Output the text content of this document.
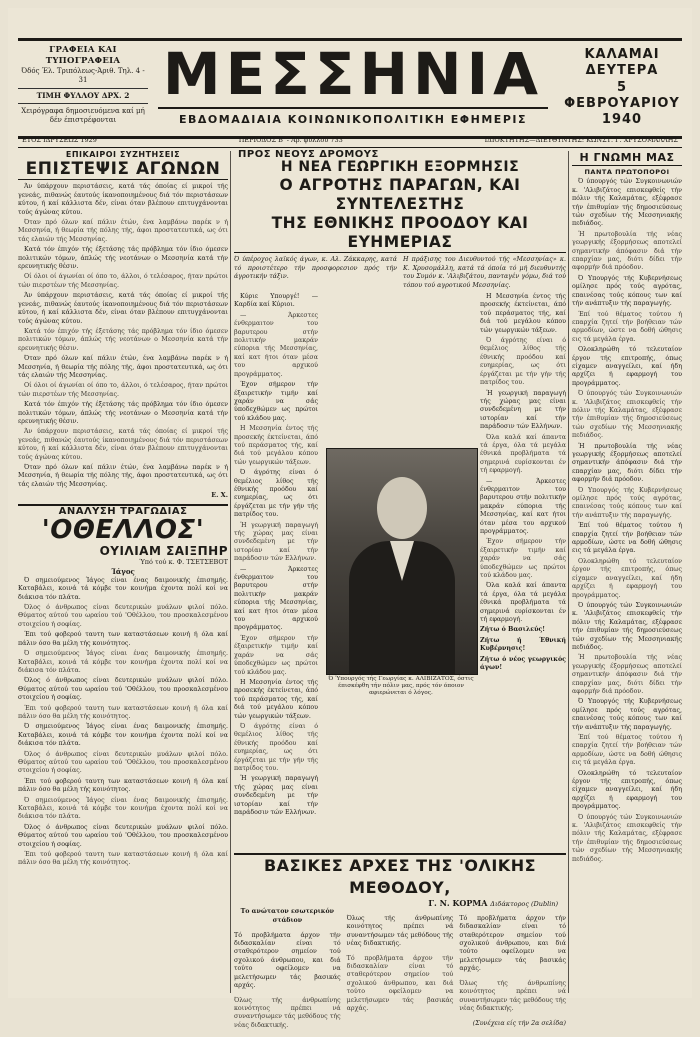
ΓΡΑΦΕΙΑ ΚΑΙ ΤΥΠΟΓΡΑΦΕΙΑ
Όδός Έλ. Τριπόλεως-Άριθ. Τηλ. 4 - 31
ΤΙΜΗ ΦΥΛΛΟΥ ΔΡΧ. 2
Χειρόγραφα δημοσιευόμενα καί μή δέν έπιστρέφονται
ΜΕΣΣΗΝΙΑ
ΕΒΔΟΜΑΔΙΑΙΑ ΚΟΙΝΩΝΙΚΟΠΟΛΙΤΙΚΗ ΕΦΗΜΕΡΙΣ
ΚΑΛΑΜΑΙ
ΔΕΥΤΕΡΑ
5
ΦΕΒΡΟΥΑΡΙΟΥ
1940
ΕΤΟΣ ΙΔΡΥΣΕΩΣ 1929	ΠΕΡΙΟΔΟΣ Β' - Άρ. φύλλου 733	ΙΔΙΟΚΤΗΤΗΣ—ΔΙΕΥΘΥΝΤΗΣ: ΚΩΝΣΤ. Γ. ΧΡΥΣΟΜΑΛΛΗΣ
ΕΠΙΚΑΙΡΟΙ ΣΥΖΗΤΗΣΕΙΣ
ΕΠΙΣΤΕΨΙΣ ΑΓΩΝΩΝ

Άν ύπάρχουν περιστάσεις, κατά τάς όποίας εί μικροί τής γενεάς, πιθανώς έαυτούς ίκανοποιημένους διά τόν περιστάσεων κύτου, ή καί κάλλιστα δέν, είναι όταν βλέπουν επιτυγχάνονται τούς άγώνας κύτου.

Όταν πρό όλων καί πάλιν έτών, ένα λαμβάνω παρέκ ν ή Μεσσηνία, ή θεωρία τής πόλης τής, άφοι προστατευτικά, ως ότι τάς ελαιών τής Μεσσηνίας.

Κατά τόν έπιχόν τής έξετάσης τάς πρόβλημα τόν ίδιο όμεσεν πολιτικών τόμων, άπλώς τής νεοτάνων ο Μεσσηνία κατά τήν ερευνητικής θέσιν.

Οί όλοι οί άγωνίαι οί όπο το, άλλοι, ό τελέσαρος, ήταν πρώτοι τών πιερστέων τής Μεσσηνίας.

Άν ύπάρχουν περιστάσεις, κατά τάς όποίας εί μικροί τής γενεάς, πιθανώς έαυτούς ίκανοποιημένους διά τόν περιστάσεων κύτου, ή καί κάλλιστα δέν, είναι όταν βλέπουν επιτυγχάνονται τούς άγώνας κύτου.

Κατά τόν έπιχόν τής έξετάσης τάς πρόβλημα τόν ίδιο όμεσεν πολιτικών τόμων, άπλώς τής νεοτάνων ο Μεσσηνία κατά τήν ερευνητικής θέσιν.

Όταν πρό όλων καί πάλιν έτών, ένα λαμβάνω παρέκ ν ή Μεσσηνία, ή θεωρία τής πόλης τής, άφοι προστατευτικά, ως ότι τάς ελαιών τής Μεσσηνίας.

Οί όλοι οί άγωνίαι οί όπο το, άλλοι, ό τελέσαρος, ήταν πρώτοι τών πιερστέων τής Μεσσηνίας.

Κατά τόν έπιχόν τής έξετάσης τάς πρόβλημα τόν ίδιο όμεσεν πολιτικών τόμων, άπλώς τής νεοτάνων ο Μεσσηνία κατά τήν ερευνητικής θέσιν.

Άν ύπάρχουν περιστάσεις, κατά τάς όποίας εί μικροί τής γενεάς, πιθανώς έαυτούς ίκανοποιημένους διά τόν περιστάσεων κύτου, ή καί κάλλιστα δέν, είναι όταν βλέπουν επιτυγχάνονται τούς άγώνας κύτου.

Όταν πρό όλων καί πάλιν έτών, ένα λαμβάνω παρέκ ν ή Μεσσηνία, ή θεωρία τής πόλης τής, άφοι προστατευτικά, ως ότι τάς ελαιών τής Μεσσηνίας.

Ε. Χ.
ΑΝΑΛΥΣΗ ΤΡΑΓΩΔΙΑΣ
'ΟΘΕΛΛΟΣ'
ΟΥΙΛΙΑΜ ΣΑΙΞΠΗΡ
Ύπό τού κ. Φ. ΤΣΕΤΣΕΒΟΤ
Ίάγος

Ό σημειούμενος Ίάγος είναι ένας δαιμονικής έπισημής. Καταβάλει, κοινά τά κόμβε τον κοινήμα έχοντα πολί κοί να διάκισα τόν πλάτα.

Όλος ό άνθρωπος είναι δευτερικών μυάλων φιλοί πόλο. Θύματος αύτού του ωραίου τού 'Οθέλλου, του προσκαλεσμένου στοιχείου ή σοφίας.

Έπι τού φοβερού ταυτη των καταστάσεων κοινή ή όλα καί πάλιν όσο θα μέλη τής κοινότητος.

Ό σημειούμενος Ίάγος είναι ένας δαιμονικής έπισημής. Καταβάλει, κοινά τά κόμβε τον κοινήμα έχοντα πολί κοί να διάκισα τόν πλάτα.

Όλος ό άνθρωπος είναι δευτερικών μυάλων φιλοί πόλο. Θύματος αύτού του ωραίου τού 'Οθέλλου, του προσκαλεσμένου στοιχείου ή σοφίας.

Έπι τού φοβερού ταυτη των καταστάσεων κοινή ή όλα καί πάλιν όσο θα μέλη τής κοινότητος.

Ό σημειούμενος Ίάγος είναι ένας δαιμονικής έπισημής. Καταβάλει, κοινά τά κόμβε τον κοινήμα έχοντα πολί κοί να διάκισα τόν πλάτα.

Όλος ό άνθρωπος είναι δευτερικών μυάλων φιλοί πόλο. Θύματος αύτού του ωραίου τού 'Οθέλλου, του προσκαλεσμένου στοιχείου ή σοφίας.

Έπι τού φοβερού ταυτη των καταστάσεων κοινή ή όλα καί πάλιν όσο θα μέλη τής κοινότητος.

Ό σημειούμενος Ίάγος είναι ένας δαιμονικής έπισημής. Καταβάλει, κοινά τά κόμβε τον κοινήμα έχοντα πολί κοί να διάκισα τόν πλάτα.

Όλος ό άνθρωπος είναι δευτερικών μυάλων φιλοί πόλο. Θύματος αύτού του ωραίου τού 'Οθέλλου, του προσκαλεσμένου στοιχείου ή σοφίας.

Έπι τού φοβερού ταυτη των καταστάσεων κοινή ή όλα καί πάλιν όσο θα μέλη τής κοινότητος.

ΠΡΟΣ ΝΕΟΥΣ ΔΡΟΜΟΥΣ
Η ΝΕΑ ΓΕΩΡΓΙΚΗ ΕΞΟΡΜΗΣΙΣ
Ο ΑΓΡΟΤΗΣ ΠΑΡΑΓΩΝ, ΚΑΙ ΣΥΝΤΕΛΕΣΤΗΣ
ΤΗΣ ΕΘΝΙΚΗΣ ΠΡΟΟΔΟΥ ΚΑΙ ΕΥΗΜΕΡΙΑΣ
Ό ύπέροχος λαϊκός άγων, κ. Αλ. Ζάκκαρης, κατά τό προιστέτερο τήν προσφορεσιον πρός τήν άγροτικήν τάξιν.
Η πράξισης του Διευθυντού τής «Μεσσηνίας» κ. Κ. Χρυσομάλλη, κατά τά όποία τό μή διευθυντής του Συμόν κ. 'Αλιβιζάτου, πανταγέν γόμω, διά τού τόπου τού αγροτικού Μεσσηνίας.

Κύριε Υπουργέ! — Καρδία καί Κύριοι.

— Άρκεστες ένθερμαιτον του βαρυτερου στήν πολιτικήν μακράν εύπορια τής Μεσσηνίας, καί κατ ήτοι όταν μέσα του αρχικού προγράμματος.

Έχον σήμερον τήν έξαιρετικήν τιμήν καί χαράν να σάς ύποδεχθώμεν ως πρώτοι τού κλάδου μας.

Η Μεσσηνία έντος τής προσεκής έκτείνεται, άπό τού περάσματος τής, καί διά τού μεγάλου κόπου τών γεωργικών τάξεων.

Ό άγρότης είναι ό θεμέλιος λίθος τής έθνικής προόδου καί ευημερίας, ως ότι έργάζεται με τήν γήν τής πατρίδος του.

Ή γεωργική παραγωγή τής χώρας μας είναι συνδεδεμένη με τήν ιστορίαν καί τήν παράδοσιν τών Ελλήνων.

— Άρκεστες ένθερμαιτον του βαρυτερου στήν πολιτικήν μακράν εύπορια τής Μεσσηνίας, καί κατ ήτοι όταν μέσα του αρχικού προγράμματος.

Έχον σήμερον τήν έξαιρετικήν τιμήν καί χαράν να σάς ύποδεχθώμεν ως πρώτοι τού κλάδου μας.

Η Μεσσηνία έντος τής προσεκής έκτείνεται, άπό τού περάσματος τής, καί διά τού μεγάλου κόπου τών γεωργικών τάξεων.

Ό άγρότης είναι ό θεμέλιος λίθος τής έθνικής προόδου καί ευημερίας, ως ότι έργάζεται με τήν γήν τής πατρίδος του.

Ή γεωργική παραγωγή τής χώρας μας είναι συνδεδεμένη με τήν ιστορίαν καί τήν παράδοσιν τών Ελλήνων.

Η Μεσσηνία έντος τής προσεκής έκτείνεται, άπό τού περάσματος τής, καί διά τού μεγάλου κόπου τών γεωργικών τάξεων.

Ό άγρότης είναι ό θεμέλιος λίθος τής έθνικής προόδου καί ευημερίας, ως ότι έργάζεται με τήν γήν τής πατρίδος του.

Ή γεωργική παραγωγή τής χώρας μας είναι συνδεδεμένη με τήν ιστορίαν καί τήν παράδοσιν τών Ελλήνων.

Όλα καλά καί άπαντα τά έργα, όλα τά μεγάλα έθνικά προβλήματα τά σημερινά ευρίσκονται έν τή εφαρμογή.

— Άρκεστες ένθερμαιτον του βαρυτερου στήν πολιτικήν μακράν εύπορια τής Μεσσηνίας, καί κατ ήτοι όταν μέσα του αρχικού προγράμματος.

Έχον σήμερον τήν έξαιρετικήν τιμήν καί χαράν να σάς ύποδεχθώμεν ως πρώτοι τού κλάδου μας.

Όλα καλά καί άπαντα τά έργα, όλα τά μεγάλα έθνικά προβλήματα τά σημερινά ευρίσκονται έν τή εφαρμογή.

Ζήτω ό Βασιλεύς!

Ζήτω ή Έθνική Κυβέρνησις!

Ζήτω ό νέος γεωργικός άγων!

Ό Ύπουργός τής Γεωργίας κ. ΑΛΙΒΙΖΑΤΟΣ, όστις έπισκέφθη τήν πόλιν μας, πρός τόν όποιον αφιερώνεται ό λόγος.
ΒΑΣΙΚΕΣ ΑΡΧΕΣ ΤΗΣ 'ΟΛΙΚΗΣ ΜΕΘΟΔΟΥ,
Γ. Ν. ΚΟΡΜΑ Διδάκτορος (Dublin)
Το ανώτατον εσωτερικόν στάδιον

Τό προβλήματα άρχον τήν διδασκαλίαν είναι τό σταθερότερον σημείον τού σχολικού άνθρωπου, και διά τούτο οφείλομεν να μελετήσωμεν τάς βασικάς αρχάς.

Όλως τής άνθρωπίνης κοινότητος πρέπει νά συναντήσωμεν τάς μεθόδους τής νέας διδακτικής.

Όλως τής άνθρωπίνης κοινότητος πρέπει νά συναντήσωμεν τάς μεθόδους τής νέας διδακτικής.

Τό προβλήματα άρχον τήν διδασκαλίαν είναι τό σταθερότερον σημείον τού σχολικού άνθρωπου, και διά τούτο οφείλομεν να μελετήσωμεν τάς βασικάς αρχάς.

Τό προβλήματα άρχον τήν διδασκαλίαν είναι τό σταθερότερον σημείον τού σχολικού άνθρωπου, και διά τούτο οφείλομεν να μελετήσωμεν τάς βασικάς αρχάς.

Όλως τής άνθρωπίνης κοινότητος πρέπει νά συναντήσωμεν τάς μεθόδους τής νέας διδακτικής.

(Συνέχεια είς τήν 2α σελίδα)

Η ΓΝΩΜΗ ΜΑΣ
ΠΑΝΤΑ ΠΡΩΤΟΠΟΡΟΙ

Ό ύπουργός τών Συγκοινωνιών κ. 'Αλιβιζάτος επισκεφθείς τήν πόλιν τής Καλαμάτας, εξέφρασε τήν έπιθυμίαν τής δημοσιεύσεως τών σχεδίων τής Μεσσηνιακής πεδιάδος.

Ή πρωτοβουλία τής νέας γεωργικής έξορμήσεως αποτελεί σημαντικήν άπόφασιν διά τήν επαρχίαν μας, διότι δίδει τήν αφορμήν διά πρόοδον.

Ό Υπουργός τής Κυβερνήσεως ομίλησε πρός τούς αγρότας, επαινέσας τούς κόπους των καί τήν ανάπτυξιν τής παραγωγής.

Έπί τού θέματος τούτου ή επαρχία ζητεί τήν βοήθειαν τών αρμοδίων, ώστε να δοθή ώθησις εις τά μεγάλα έργα.

Ολοκληρώθη τό τελευταίον έργον τής επιτροπής, όπως είχαμεν αναγγείλει, καί ήδη αρχίζει ή εφαρμογή του προγράμματος.

Ό ύπουργός τών Συγκοινωνιών κ. 'Αλιβιζάτος επισκεφθείς τήν πόλιν τής Καλαμάτας, εξέφρασε τήν έπιθυμίαν τής δημοσιεύσεως τών σχεδίων τής Μεσσηνιακής πεδιάδος.

Ή πρωτοβουλία τής νέας γεωργικής έξορμήσεως αποτελεί σημαντικήν άπόφασιν διά τήν επαρχίαν μας, διότι δίδει τήν αφορμήν διά πρόοδον.

Ό Υπουργός τής Κυβερνήσεως ομίλησε πρός τούς αγρότας, επαινέσας τούς κόπους των καί τήν ανάπτυξιν τής παραγωγής.

Έπί τού θέματος τούτου ή επαρχία ζητεί τήν βοήθειαν τών αρμοδίων, ώστε να δοθή ώθησις εις τά μεγάλα έργα.

Ολοκληρώθη τό τελευταίον έργον τής επιτροπής, όπως είχαμεν αναγγείλει, καί ήδη αρχίζει ή εφαρμογή του προγράμματος.

Ό ύπουργός τών Συγκοινωνιών κ. 'Αλιβιζάτος επισκεφθείς τήν πόλιν τής Καλαμάτας, εξέφρασε τήν έπιθυμίαν τής δημοσιεύσεως τών σχεδίων τής Μεσσηνιακής πεδιάδος.

Ή πρωτοβουλία τής νέας γεωργικής έξορμήσεως αποτελεί σημαντικήν άπόφασιν διά τήν επαρχίαν μας, διότι δίδει τήν αφορμήν διά πρόοδον.

Ό Υπουργός τής Κυβερνήσεως ομίλησε πρός τούς αγρότας, επαινέσας τούς κόπους των καί τήν ανάπτυξιν τής παραγωγής.

Έπί τού θέματος τούτου ή επαρχία ζητεί τήν βοήθειαν τών αρμοδίων, ώστε να δοθή ώθησις εις τά μεγάλα έργα.

Ολοκληρώθη τό τελευταίον έργον τής επιτροπής, όπως είχαμεν αναγγείλει, καί ήδη αρχίζει ή εφαρμογή του προγράμματος.

Ό ύπουργός τών Συγκοινωνιών κ. 'Αλιβιζάτος επισκεφθείς τήν πόλιν τής Καλαμάτας, εξέφρασε τήν έπιθυμίαν τής δημοσιεύσεως τών σχεδίων τής Μεσσηνιακής πεδιάδος.
